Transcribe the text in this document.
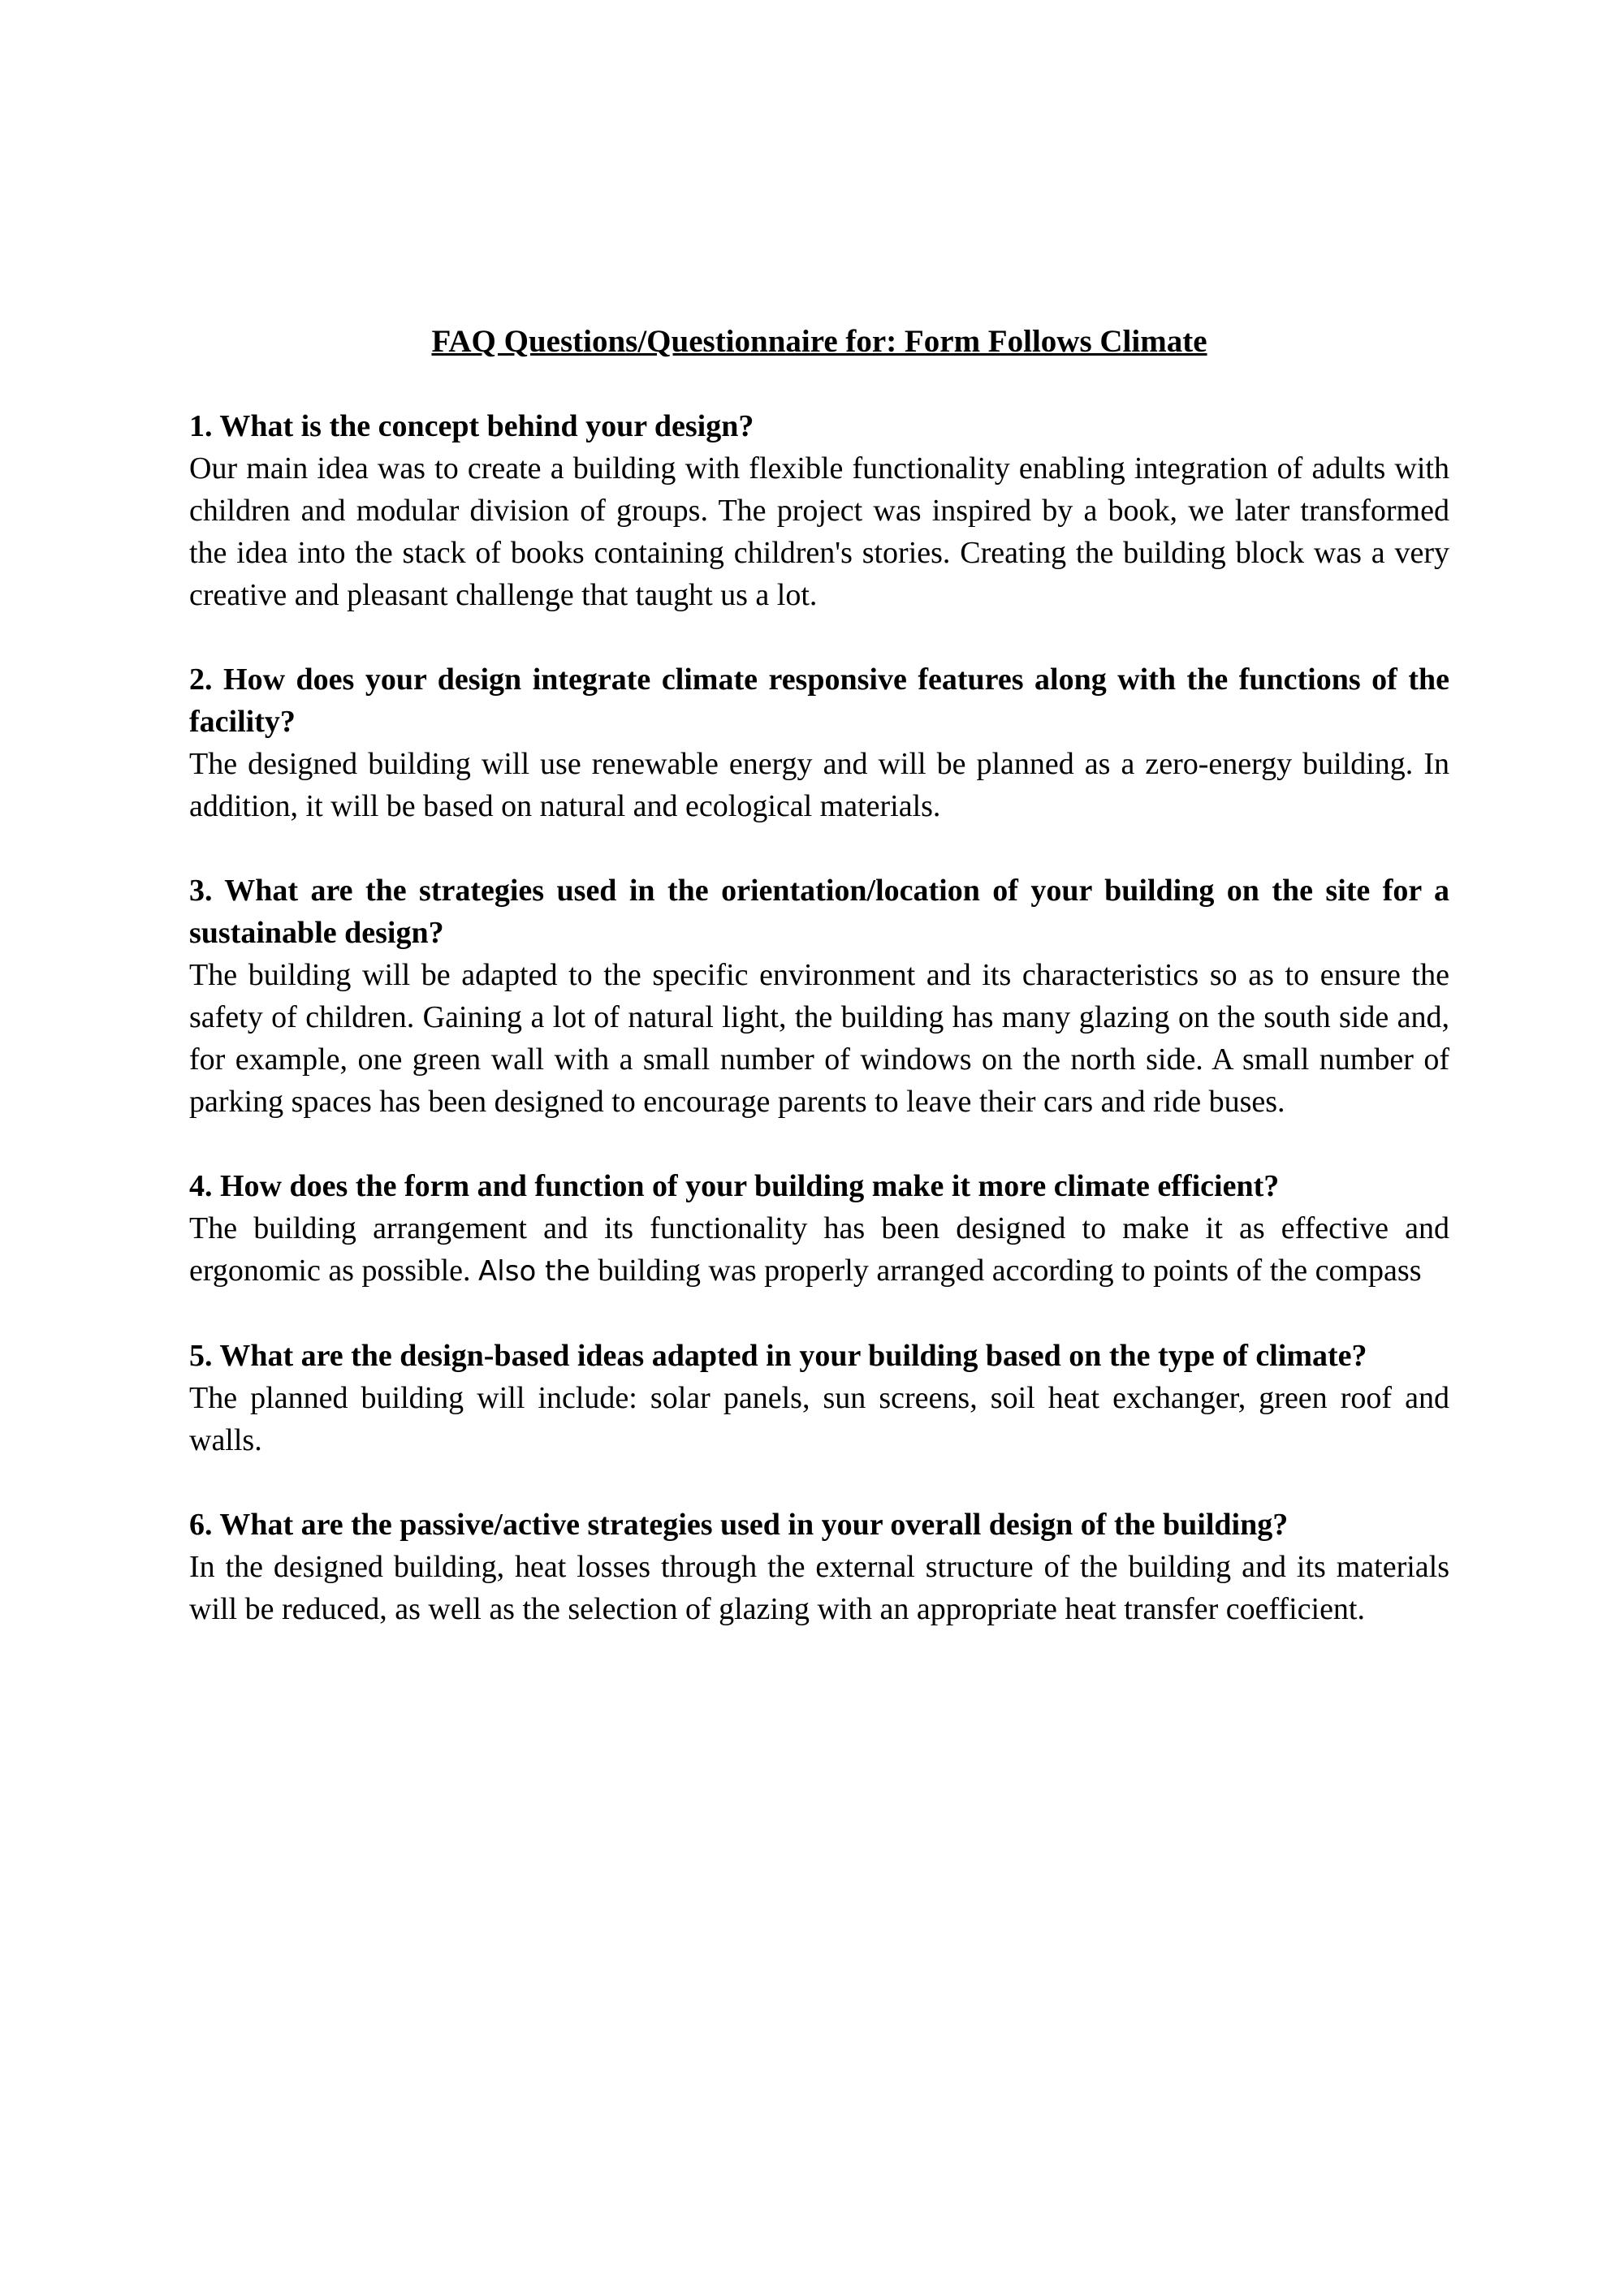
FAQ Questions/Questionnaire for: Form Follows Climate

1. What is the concept behind your design?

Our main idea was to create a building with flexible functionality enabling integration of adults with children and modular division of groups. The project was inspired by a book, we later transformed the idea into the stack of books containing children's stories. Creating the building block was a very creative and pleasant challenge that taught us a lot.

2. How does your design integrate climate responsive features along with the functions of the facility?

The designed building will use renewable energy and will be planned as a zero-energy building. In addition, it will be based on natural and ecological materials.

3. What are the strategies used in the orientation/location of your building on the site for a sustainable design?

The building will be adapted to the specific environment and its characteristics so as to ensure the safety of children. Gaining a lot of natural light, the building has many glazing on the south side and, for example, one green wall with a small number of windows on the north side. A small number of parking spaces has been designed to encourage parents to leave their cars and ride buses.

4. How does the form and function of your building make it more climate efficient?

The building arrangement and its functionality has been designed to make it as effective and ergonomic as possible. Also the building was properly arranged according to points of the compass

5. What are the design-based ideas adapted in your building based on the type of climate?

The planned building will include: solar panels, sun screens, soil heat exchanger, green roof and walls.

6. What are the passive/active strategies used in your overall design of the building?

In the designed building, heat losses through the external structure of the building and its materials will be reduced, as well as the selection of glazing with an appropriate heat transfer coefficient.
